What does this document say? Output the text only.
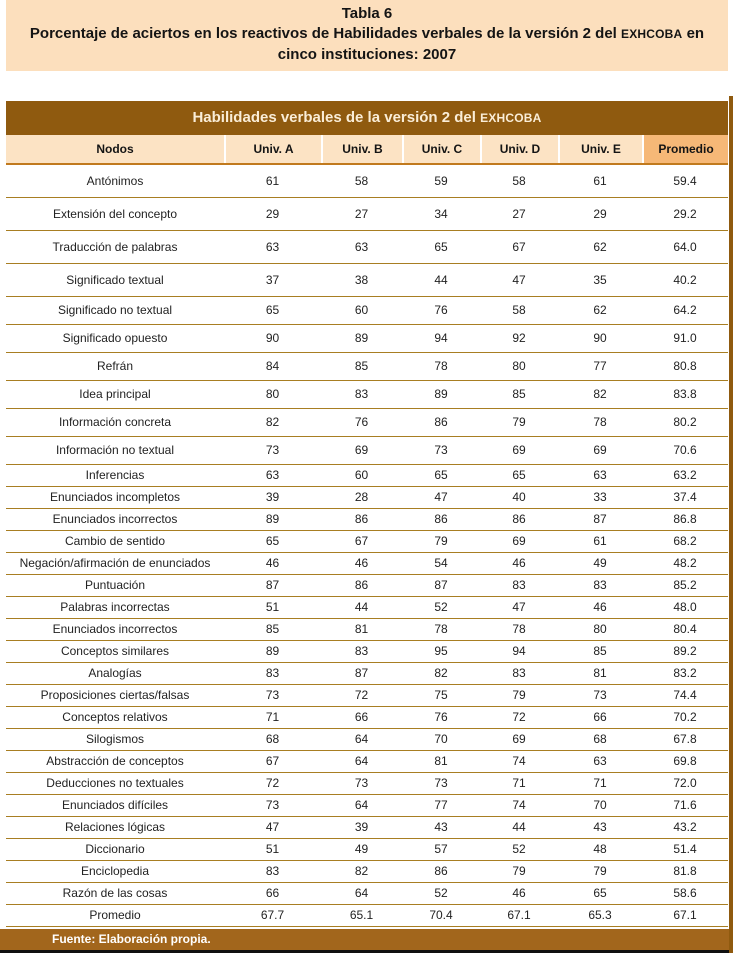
Tabla 6
Porcentaje de aciertos en los reactivos de Habilidades verbales de la versión 2 del EXHCOBA en cinco instituciones: 2007
Habilidades verbales de la versión 2 del EXHCOBA
Nodos	Univ. A	Univ. B	Univ. C	Univ. D	Univ. E	Promedio
Antónimos	61	58	59	58	61	59.4
Extensión del concepto	29	27	34	27	29	29.2
Traducción de palabras	63	63	65	67	62	64.0
Significado textual	37	38	44	47	35	40.2
Significado no textual	65	60	76	58	62	64.2
Significado opuesto	90	89	94	92	90	91.0
Refrán	84	85	78	80	77	80.8
Idea principal	80	83	89	85	82	83.8
Información concreta	82	76	86	79	78	80.2
Información no textual	73	69	73	69	69	70.6
Inferencias	63	60	65	65	63	63.2
Enunciados incompletos	39	28	47	40	33	37.4
Enunciados incorrectos	89	86	86	86	87	86.8
Cambio de sentido	65	67	79	69	61	68.2
Negación/afirmación de enunciados	46	46	54	46	49	48.2
Puntuación	87	86	87	83	83	85.2
Palabras incorrectas	51	44	52	47	46	48.0
Enunciados incorrectos	85	81	78	78	80	80.4
Conceptos similares	89	83	95	94	85	89.2
Analogías	83	87	82	83	81	83.2
Proposiciones ciertas/falsas	73	72	75	79	73	74.4
Conceptos relativos	71	66	76	72	66	70.2
Silogismos	68	64	70	69	68	67.8
Abstracción de conceptos	67	64	81	74	63	69.8
Deducciones no textuales	72	73	73	71	71	72.0
Enunciados difíciles	73	64	77	74	70	71.6
Relaciones lógicas	47	39	43	44	43	43.2
Diccionario	51	49	57	52	48	51.4
Enciclopedia	83	82	86	79	79	81.8
Razón de las cosas	66	64	52	46	65	58.6
Promedio	67.7	65.1	70.4	67.1	65.3	67.1
Fuente: Elaboración propia.
